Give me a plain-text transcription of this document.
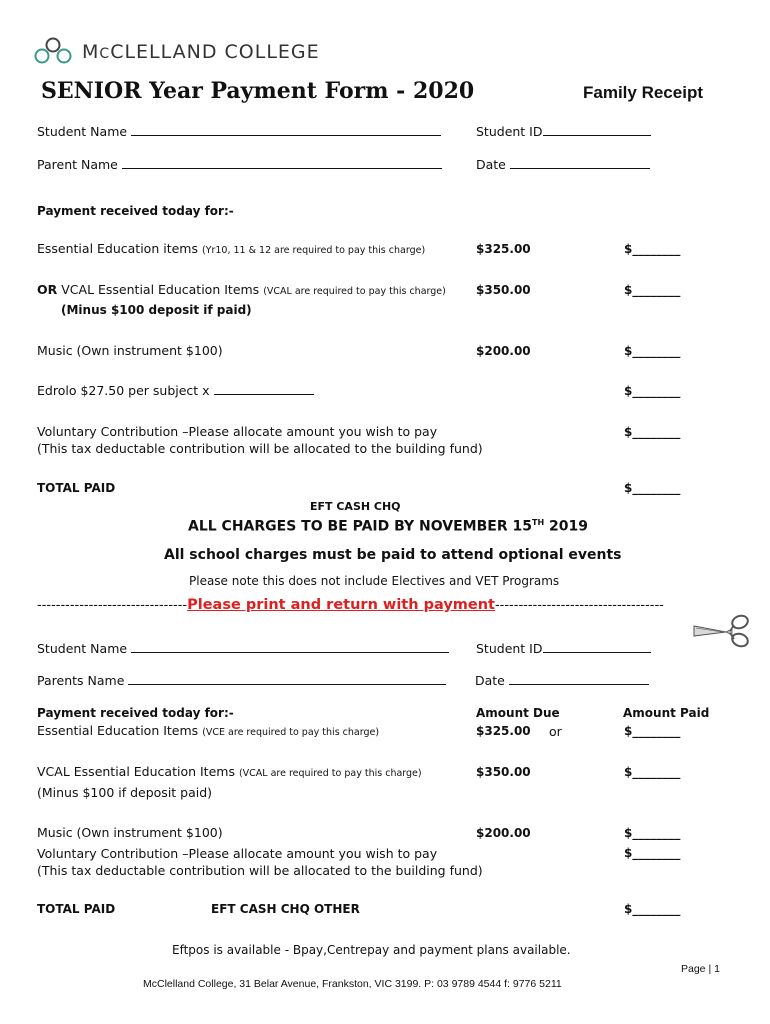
MCCLELLAND COLLEGE
SENIOR Year Payment Form - 2020	Family Receipt
Student Name	Student ID
Parent Name	Date
Payment received today for:-
Essential Education items (Yr10, 11 & 12 are required to pay this charge)	$325.00	$________
OR VCAL Essential Education Items (VCAL are required to pay this charge)	$350.00	$________
(Minus $100 deposit if paid)
Music (Own instrument $100)	$200.00	$________
Edrolo $27.50 per subject x	$________
Voluntary Contribution –Please allocate amount you wish to pay	$________
(This tax deductable contribution will be allocated to the building fund)
TOTAL PAID	$________
EFT CASH CHQ
ALL CHARGES TO BE PAID BY NOVEMBER 15TH 2019
All school charges must be paid to attend optional events
Please note this does not include Electives and VET Programs
--------------------------------Please print and return with payment------------------------------------
Student Name	Student ID
Parents Name	Date
Payment received today for:-	Amount Due	Amount Paid
Essential Education Items (VCE are required to pay this charge)	$325.00 or	$________
VCAL Essential Education Items (VCAL are required to pay this charge)	$350.00	$________
(Minus $100 if deposit paid)
Music (Own instrument $100)	$200.00	$________
Voluntary Contribution –Please allocate amount you wish to pay	$________
(This tax deductable contribution will be allocated to the building fund)
TOTAL PAID	EFT CASH CHQ OTHER	$________
Eftpos is available - Bpay,Centrepay and payment plans available.
Page | 1
McClelland College, 31 Belar Avenue, Frankston, VIC 3199. P: 03 9789 4544 f: 9776 5211
